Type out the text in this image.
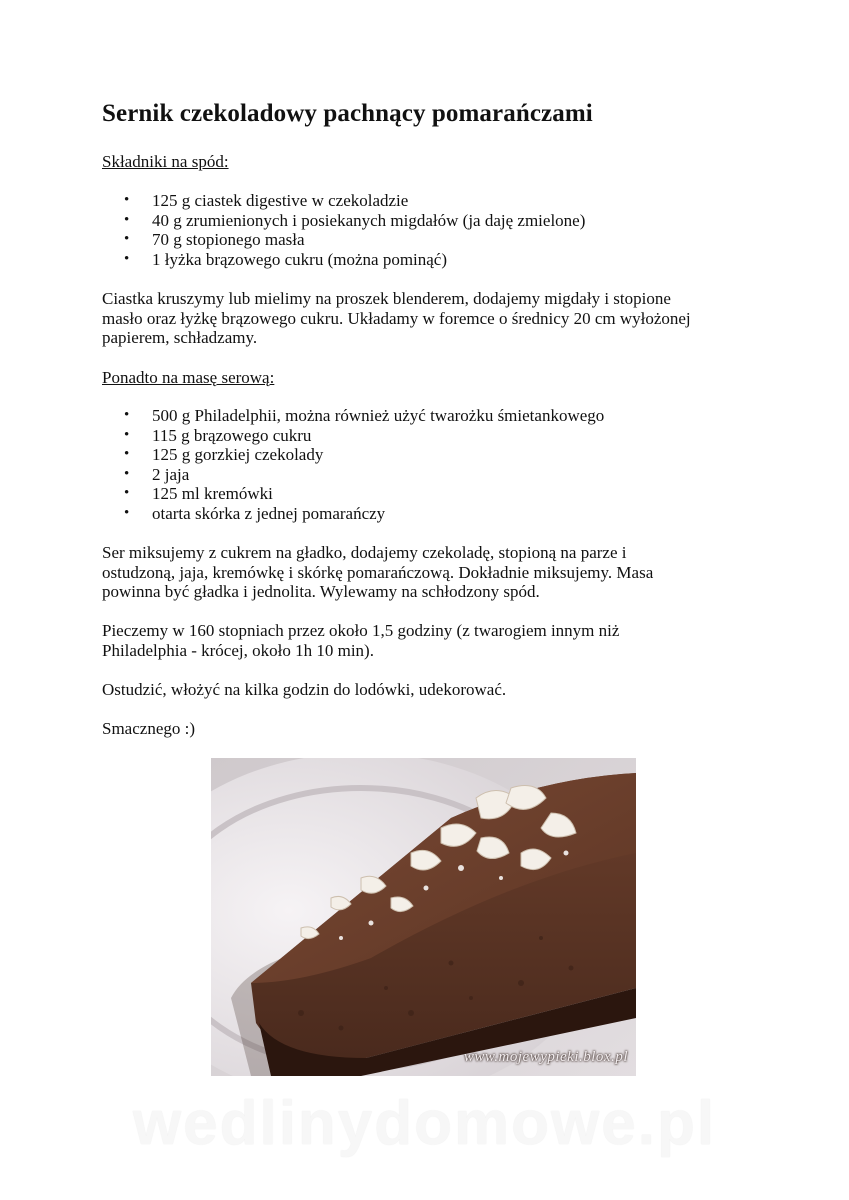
Sernik czekoladowy pachnący pomarańczami

Składniki na spód:

• 125 g ciastek digestive w czekoladzie
• 40 g zrumienionych i posiekanych migdałów (ja daję zmielone)
• 70 g stopionego masła
• 1 łyżka brązowego cukru (można pominąć)
Ciastka kruszymy lub mielimy na proszek blenderem, dodajemy migdały i stopione
masło oraz łyżkę brązowego cukru. Układamy w foremce o średnicy 20 cm wyłożonej
papierem, schładzamy.

Ponadto na masę serową:

• 500 g Philadelphii, można również użyć twarożku śmietankowego
• 115 g brązowego cukru
• 125 g gorzkiej czekolady
• 2 jaja
• 125 ml kremówki
• otarta skórka z jednej pomarańczy
Ser miksujemy z cukrem na gładko, dodajemy czekoladę, stopioną na parze i
ostudzoną, jaja, kremówkę i skórkę pomarańczową. Dokładnie miksujemy. Masa
powinna być gładka i jednolita. Wylewamy na schłodzony spód.
Pieczemy w 160 stopniach przez około 1,5 godziny (z twarogiem innym niż
Philadelphia - krócej, około 1h 10 min).

Ostudzić, włożyć na kilka godzin do lodówki, udekorować.

Smacznego :)

www.mojewypieki.blox.pl
wedlinydomowe.pl
